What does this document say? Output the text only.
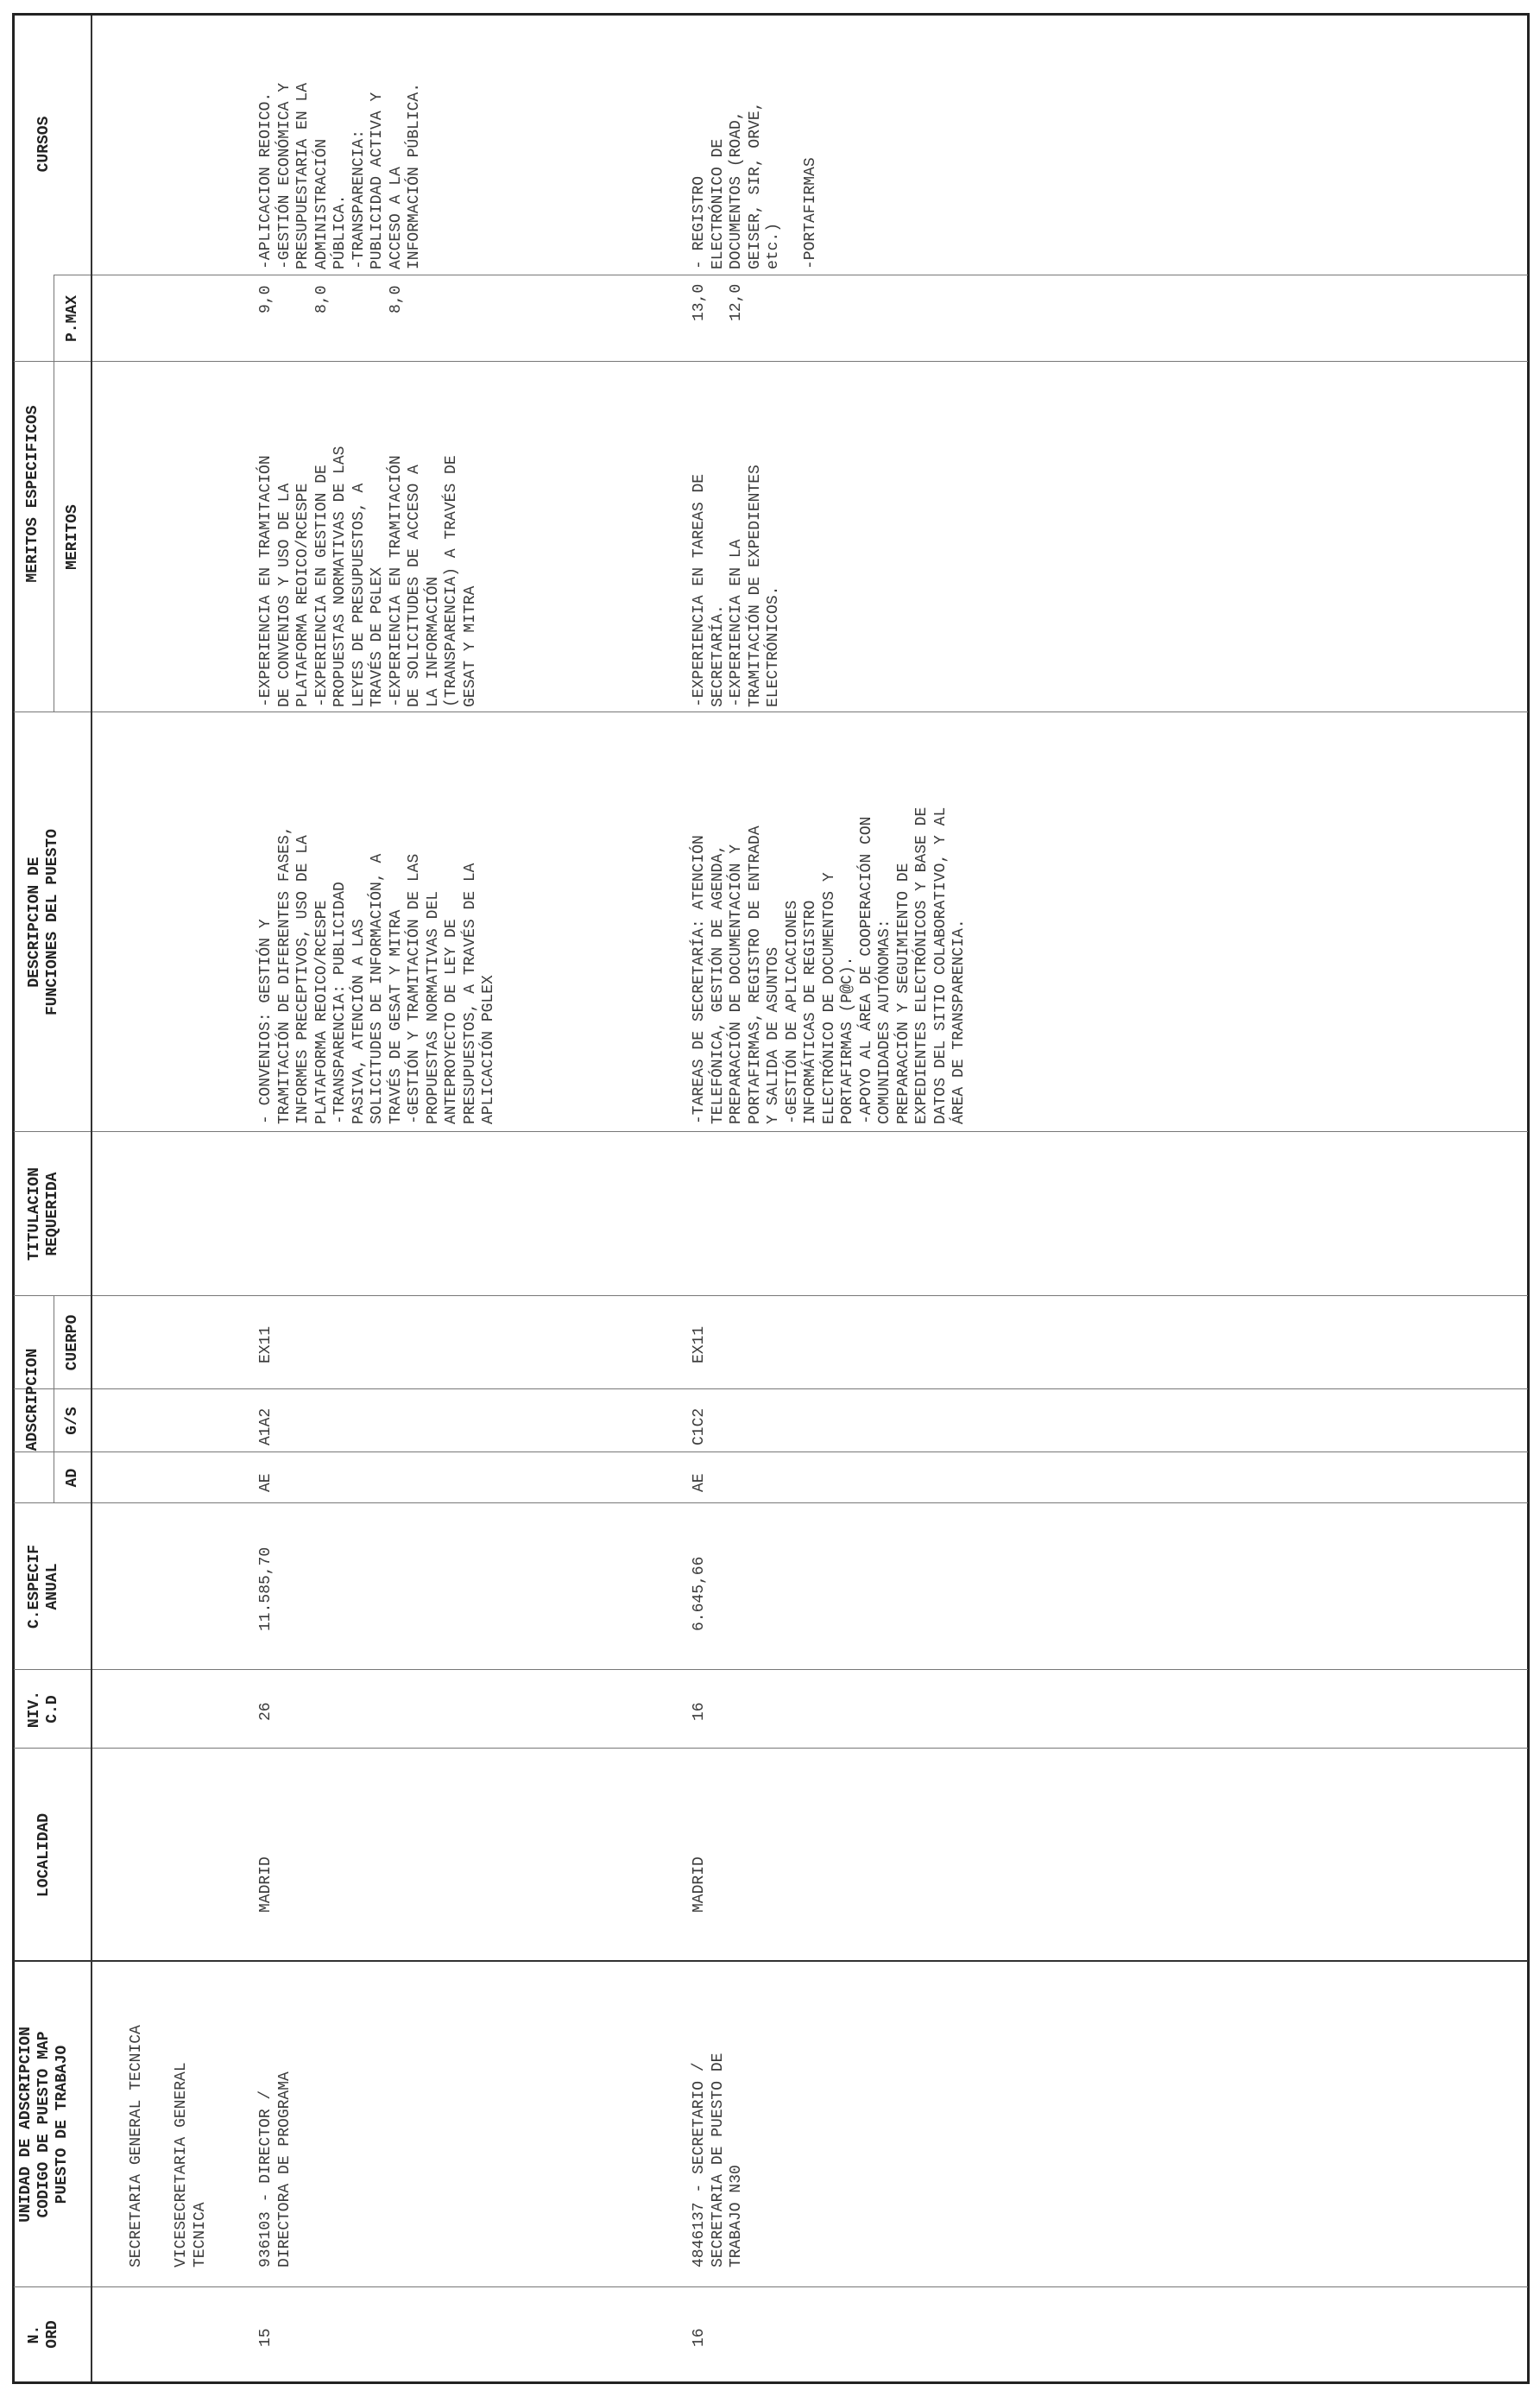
N.
ORD
UNIDAD DE ADSCRIPCION
CODIGO DE PUESTO MAP
PUESTO DE TRABAJO
LOCALIDAD
NIV.
C.D
C.ESPECIF
ANUAL
ADSCRIPCION
AD
G/S
CUERPO
TITULACION
REQUERIDA
DESCRIPCION DE
FUNCIONES DEL PUESTO
MERITOS ESPECIFICOS MERITOS
P.MAX
CURSOS
SECRETARIA GENERAL TECNICA VICESECRETARIA GENERAL
TECNICA
15
936103 - DIRECTOR /
DIRECTORA DE PROGRAMA
MADRID
26
11.585,70
AE
A1A2
EX11
- CONVENIOS: GESTIÓN Y
TRAMITACIÓN DE DIFERENTES FASES,
INFORMES PRECEPTIVOS, USO DE LA
PLATAFORMA REOICO/RCESPE
-TRANSPARENCIA: PUBLICIDAD
PASIVA, ATENCIÓN A LAS
SOLICITUDES DE INFORMACIÓN, A
TRAVÉS DE GESAT Y MITRA
-GESTIÓN Y TRAMITACIÓN DE LAS
PROPUESTAS NORMATIVAS DEL
ANTEPROYECTO DE LEY DE
PRESUPUESTOS, A TRAVÉS DE LA
APLICACIÓN PGLEX
-EXPERIENCIA EN TRAMITACIÓN
DE CONVENIOS Y USO DE LA
PLATAFORMA REOICO/RCESPE
-EXPERIENCIA EN GESTION DE
PROPUESTAS NORMATIVAS DE LAS
LEYES DE PRESUPUESTOS, A
TRAVÉS DE PGLEX
-EXPERIENCIA EN TRAMITACIÓN
DE SOLICITUDES DE ACCESO A
LA INFORMACIÓN
(TRANSPARENCIA) A TRAVÉS DE
GESAT Y MITRA
9,0

8,0

8,0
-APLICACION REOICO.
-GESTIÓN ECONÓMICA Y
PRESUPUESTARIA EN LA
ADMINISTRACIÓN
PÚBLICA.
-TRANSPARENCIA:
PUBLICIDAD ACTIVA Y
ACCESO A LA
INFORMACIÓN PÚBLICA.
16
4846137 - SECRETARIO /
SECRETARIA DE PUESTO DE
TRABAJO N30
MADRID
16
6.645,66
AE
C1C2
EX11
-TAREAS DE SECRETARÍA: ATENCIÓN
TELEFÓNICA, GESTIÓN DE AGENDA,
PREPARACIÓN DE DOCUMENTACIÓN Y
PORTAFIRMAS, REGISTRO DE ENTRADA
Y SALIDA DE ASUNTOS
-GESTIÓN DE APLICACIONES
INFORMÁTICAS DE REGISTRO
ELECTRÓNICO DE DOCUMENTOS Y
PORTAFIRMAS (P@C).
-APOYO AL ÁREA DE COOPERACIÓN CON
COMUNIDADES AUTÓNOMAS:
PREPARACIÓN Y SEGUIMIENTO DE
EXPEDIENTES ELECTRÓNICOS Y BASE DE
DATOS DEL SITIO COLABORATIVO, Y AL
ÁREA DE TRANSPARENCIA.
-EXPERIENCIA EN TAREAS DE
SECRETARÍA.
-EXPERIENCIA EN LA
TRAMITACIÓN DE EXPEDIENTES
ELECTRÓNICOS.
13,0

12,0
- REGISTRO
ELECTRÓNICO DE
DOCUMENTOS (ROAD,
GEISER, SIR, ORVE,
etc.)

-PORTAFIRMAS
